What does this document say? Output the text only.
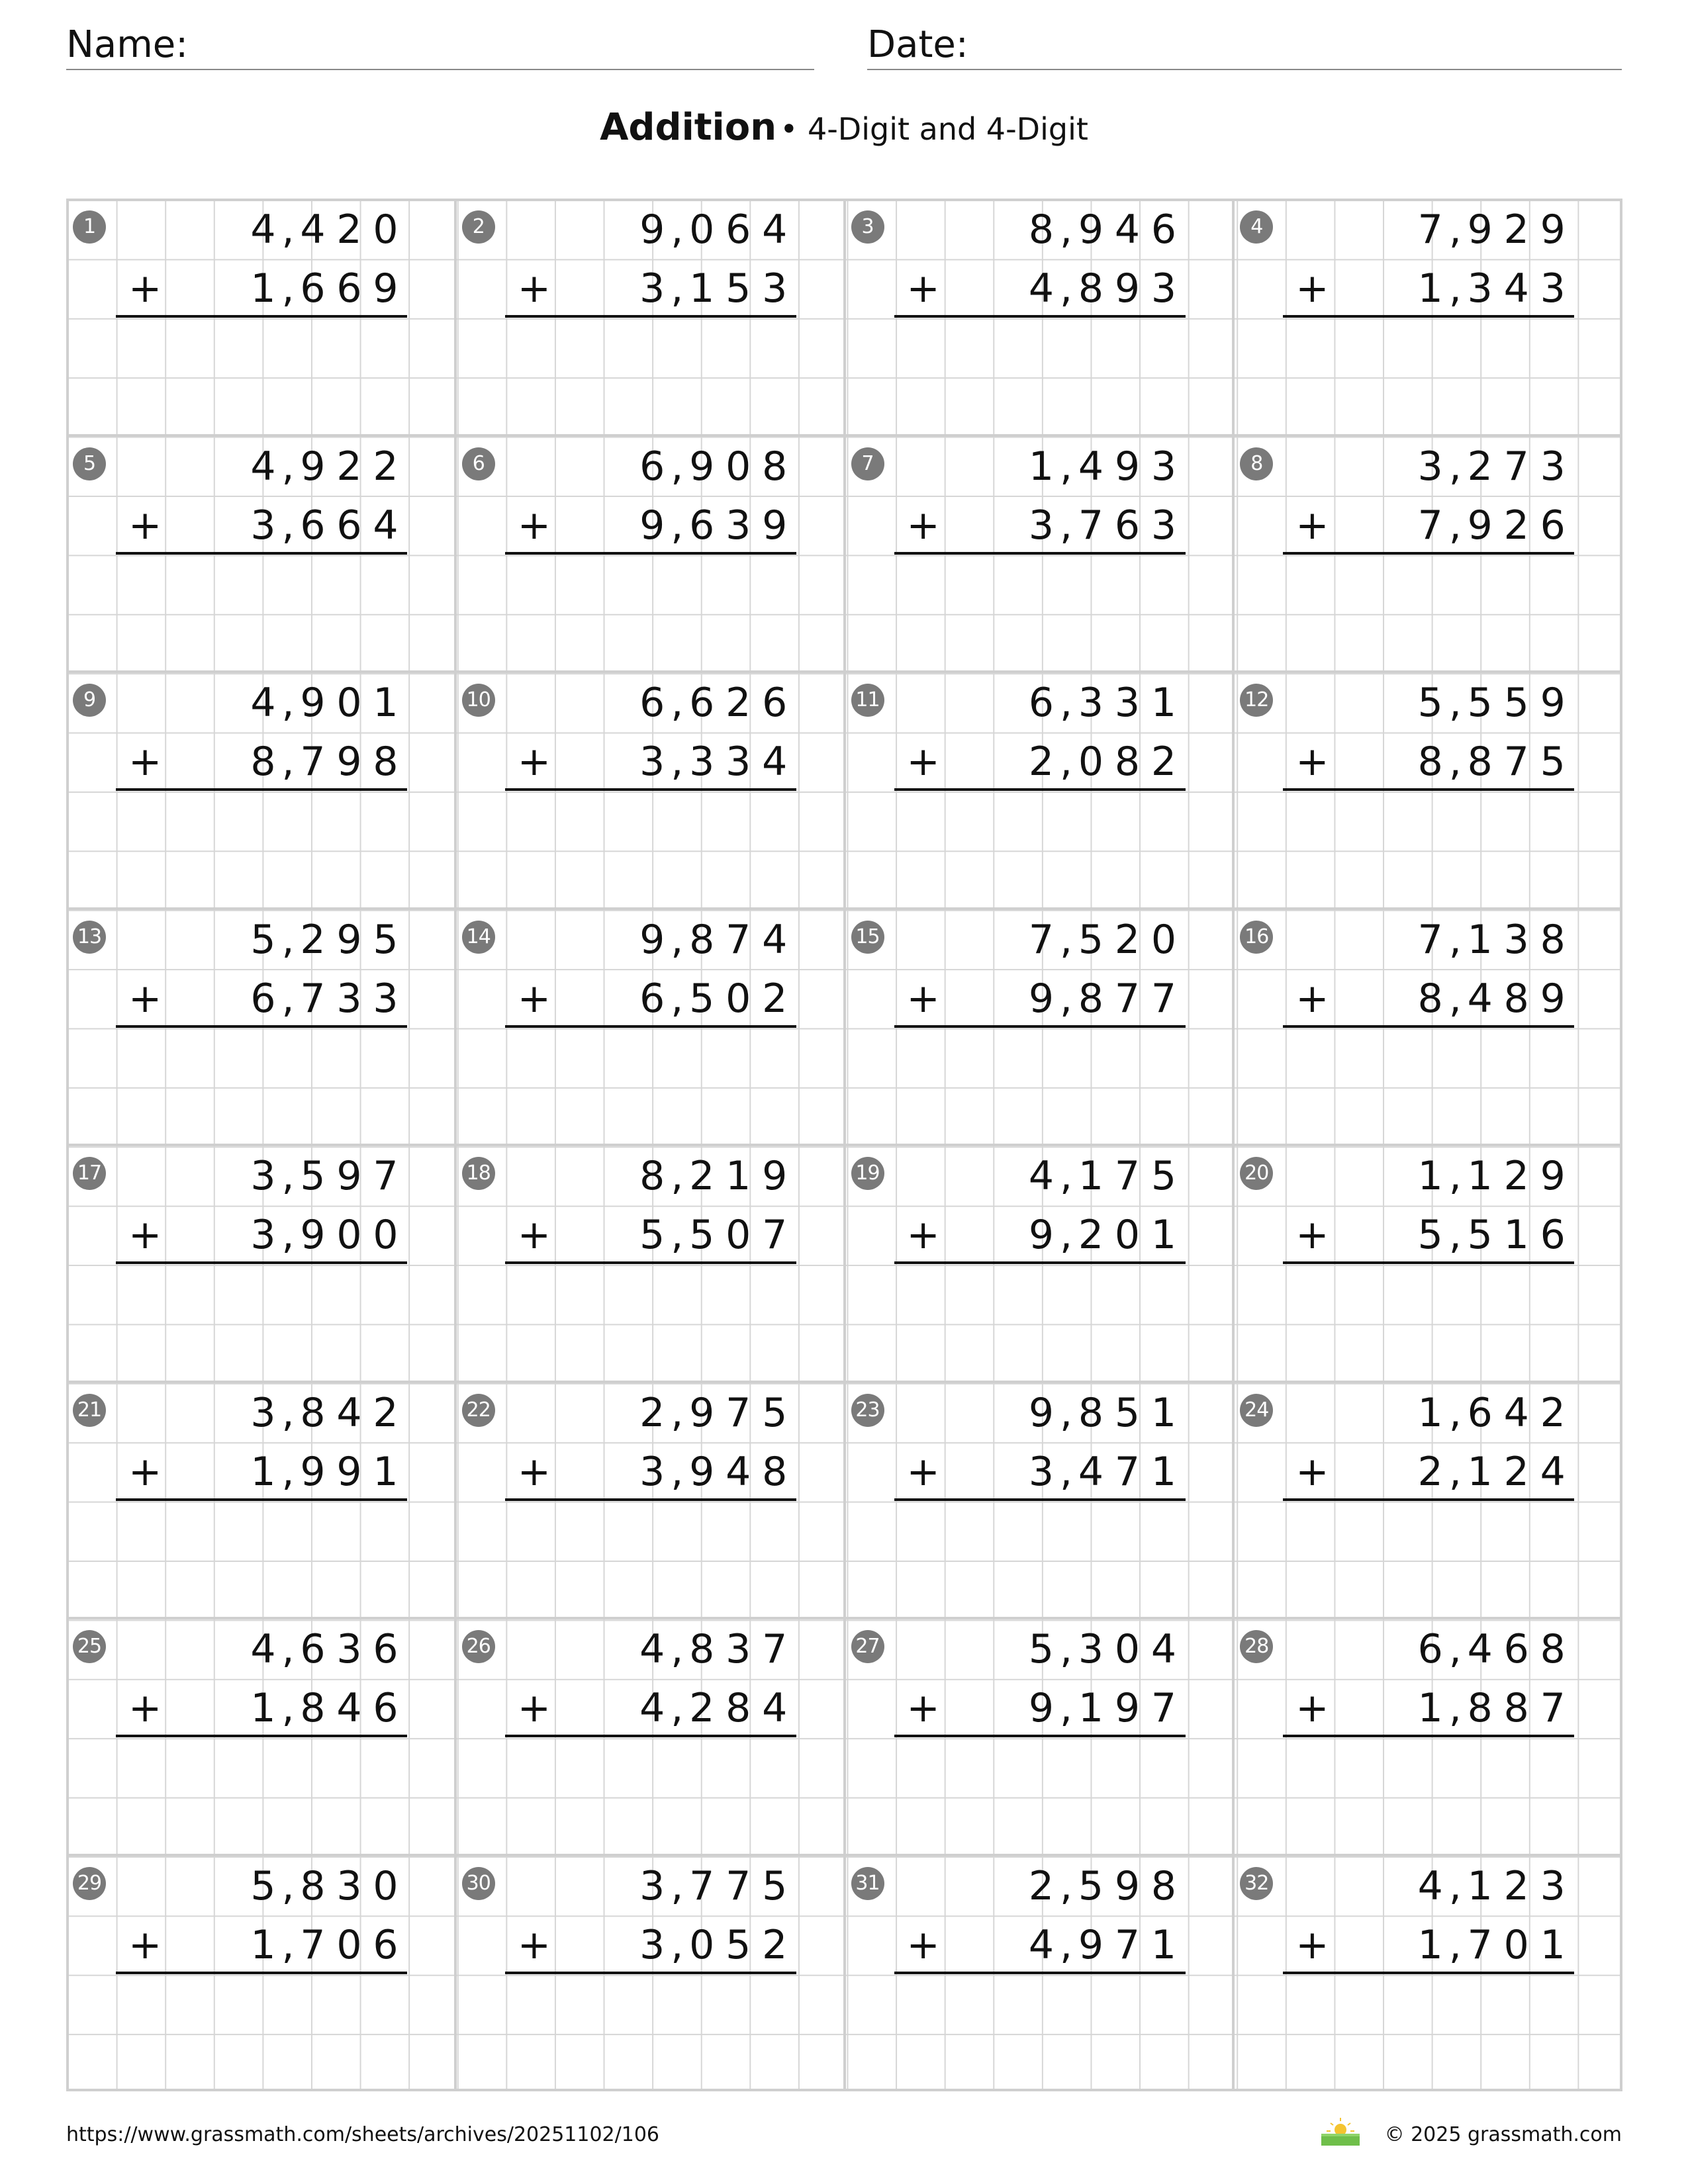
Name:	Date:
Addition • 4-Digit and 4-Digit
1	4 , 4 2 0
+ 1 , 6 6 9
2	9 , 0 6 4
+ 3 , 1 5 3
3	8 , 9 4 6
+ 4 , 8 9 3
4	7 , 9 2 9
+ 1 , 3 4 3
5	4 , 9 2 2
+ 3 , 6 6 4
6	6 , 9 0 8
+ 9 , 6 3 9
7	1 , 4 9 3
+ 3 , 7 6 3
8	3 , 2 7 3
+ 7 , 9 2 6
9	4 , 9 0 1
+ 8 , 7 9 8
10	6 , 6 2 6
+ 3 , 3 3 4
11	6 , 3 3 1
+ 2 , 0 8 2
12	5 , 5 5 9
+ 8 , 8 7 5
13	5 , 2 9 5
+ 6 , 7 3 3
14	9 , 8 7 4
+ 6 , 5 0 2
15	7 , 5 2 0
+ 9 , 8 7 7
16	7 , 1 3 8
+ 8 , 4 8 9
17	3 , 5 9 7
+ 3 , 9 0 0
18	8 , 2 1 9
+ 5 , 5 0 7
19	4 , 1 7 5
+ 9 , 2 0 1
20	1 , 1 2 9
+ 5 , 5 1 6
21	3 , 8 4 2
+ 1 , 9 9 1
22	2 , 9 7 5
+ 3 , 9 4 8
23	9 , 8 5 1
+ 3 , 4 7 1
24	1 , 6 4 2
+ 2 , 1 2 4
25	4 , 6 3 6
+ 1 , 8 4 6
26	4 , 8 3 7
+ 4 , 2 8 4
27	5 , 3 0 4
+ 9 , 1 9 7
28	6 , 4 6 8
+ 1 , 8 8 7
29	5 , 8 3 0
+ 1 , 7 0 6
30	3 , 7 7 5
+ 3 , 0 5 2
31	2 , 5 9 8
+ 4 , 9 7 1
32	4 , 1 2 3
+ 1 , 7 0 1
https://www.grassmath.com/sheets/archives/20251102/106	© 2025 grassmath.com
